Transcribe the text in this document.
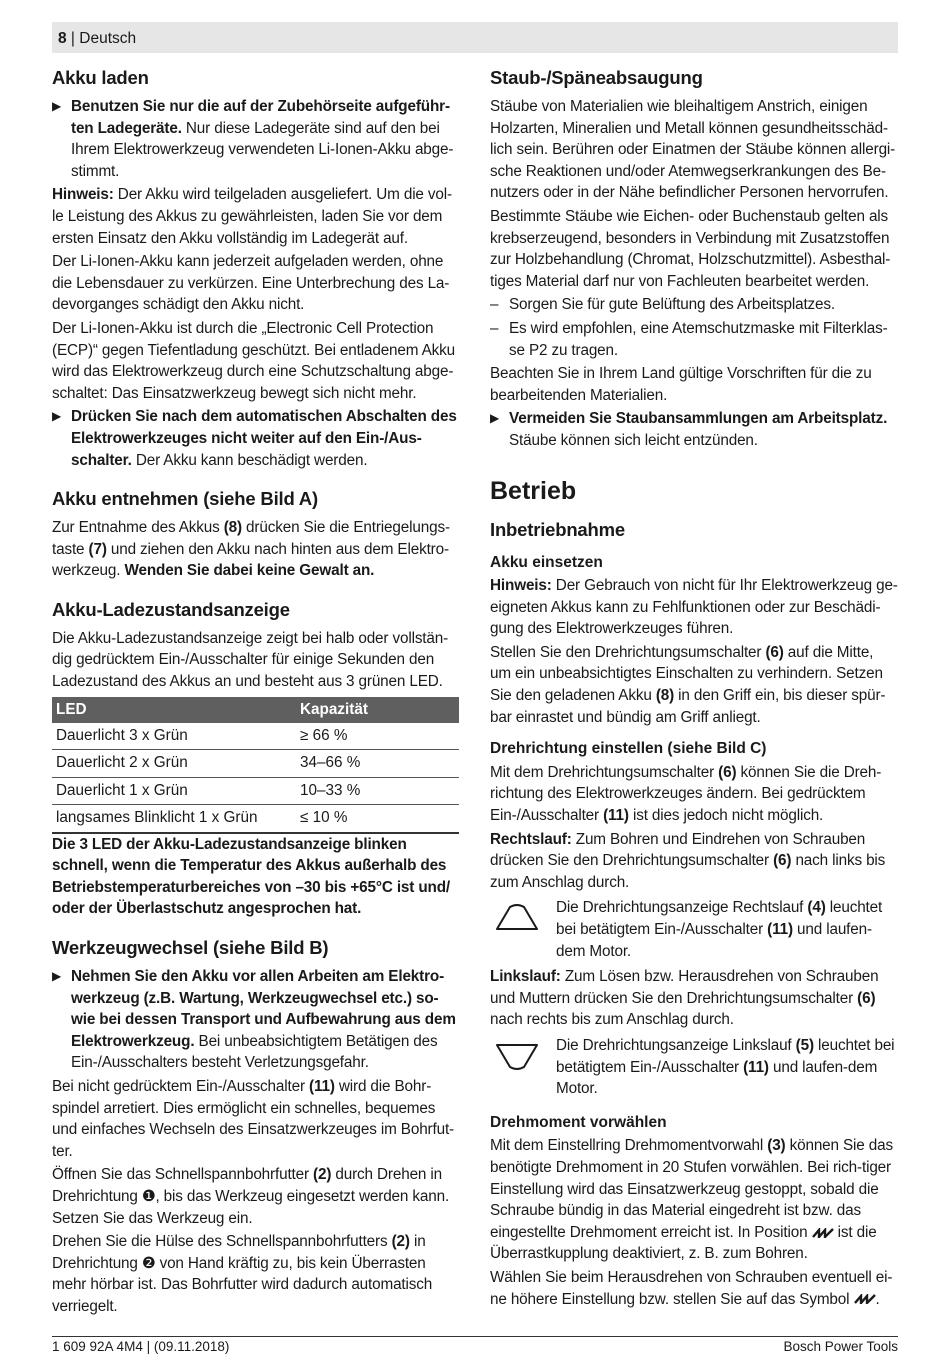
8 | Deutsch
Akku laden

▶ Benutzen Sie nur die auf der Zubehörseite aufgeführ-ten Ladegeräte. Nur diese Ladegeräte sind auf den bei Ihrem Elektrowerkzeug verwendeten Li-Ionen-Akku abge-stimmt.

Hinweis: Der Akku wird teilgeladen ausgeliefert. Um die vol-le Leistung des Akkus zu gewährleisten, laden Sie vor dem ersten Einsatz den Akku vollständig im Ladegerät auf.

Der Li-Ionen-Akku kann jederzeit aufgeladen werden, ohne die Lebensdauer zu verkürzen. Eine Unterbrechung des La-devorganges schädigt den Akku nicht.

Der Li-Ionen-Akku ist durch die „Electronic Cell Protection (ECP)“ gegen Tiefentladung geschützt. Bei entladenem Akku wird das Elektrowerkzeug durch eine Schutzschaltung abge-schaltet: Das Einsatzwerkzeug bewegt sich nicht mehr.

▶ Drücken Sie nach dem automatischen Abschalten des Elektrowerkzeuges nicht weiter auf den Ein-/Aus-schalter. Der Akku kann beschädigt werden.

Akku entnehmen (siehe Bild A)

Zur Entnahme des Akkus (8) drücken Sie die Entriegelungs-taste (7) und ziehen den Akku nach hinten aus dem Elektro-werkzeug. Wenden Sie dabei keine Gewalt an.

Akku-Ladezustandsanzeige

Die Akku-Ladezustandsanzeige zeigt bei halb oder vollstän-dig gedrücktem Ein-/Ausschalter für einige Sekunden den Ladezustand des Akkus an und besteht aus 3 grünen LED.

LED	Kapazität
Dauerlicht 3 x Grün	≥ 66 %
Dauerlicht 2 x Grün	34–66 %
Dauerlicht 1 x Grün	10–33 %
langsames Blinklicht 1 x Grün	≤ 10 %

Die 3 LED der Akku-Ladezustandsanzeige blinken schnell, wenn die Temperatur des Akkus außerhalb des Betriebstemperaturbereiches von –30 bis +65°C ist und/ oder der Überlastschutz angesprochen hat.

Werkzeugwechsel (siehe Bild B)

▶ Nehmen Sie den Akku vor allen Arbeiten am Elektro-werkzeug (z.B. Wartung, Werkzeugwechsel etc.) so-wie bei dessen Transport und Aufbewahrung aus dem Elektrowerkzeug. Bei unbeabsichtigtem Betätigen des Ein-/Ausschalters besteht Verletzungsgefahr.

Bei nicht gedrücktem Ein-/Ausschalter (11) wird die Bohr-spindel arretiert. Dies ermöglicht ein schnelles, bequemes und einfaches Wechseln des Einsatzwerkzeuges im Bohrfut-ter.

Öffnen Sie das Schnellspannbohrfutter (2) durch Drehen in Drehrichtung ❶, bis das Werkzeug eingesetzt werden kann. Setzen Sie das Werkzeug ein.

Drehen Sie die Hülse des Schnellspannbohrfutters (2) in Drehrichtung ❷ von Hand kräftig zu, bis kein Überrasten mehr hörbar ist. Das Bohrfutter wird dadurch automatisch verriegelt.

Staub-/Späneabsaugung

Stäube von Materialien wie bleihaltigem Anstrich, einigen Holzarten, Mineralien und Metall können gesundheitsschäd-lich sein. Berühren oder Einatmen der Stäube können allergi-sche Reaktionen und/oder Atemwegserkrankungen des Be-nutzers oder in der Nähe befindlicher Personen hervorrufen.

Bestimmte Stäube wie Eichen- oder Buchenstaub gelten als krebserzeugend, besonders in Verbindung mit Zusatzstoffen zur Holzbehandlung (Chromat, Holzschutzmittel). Asbesthal-tiges Material darf nur von Fachleuten bearbeitet werden.

– Sorgen Sie für gute Belüftung des Arbeitsplatzes.

– Es wird empfohlen, eine Atemschutzmaske mit Filterklas-se P2 zu tragen.

Beachten Sie in Ihrem Land gültige Vorschriften für die zu bearbeitenden Materialien.

▶ Vermeiden Sie Staubansammlungen am Arbeitsplatz.
Stäube können sich leicht entzünden.

Betrieb
Inbetriebnahme
Akku einsetzen

Hinweis: Der Gebrauch von nicht für Ihr Elektrowerkzeug ge-eigneten Akkus kann zu Fehlfunktionen oder zur Beschädi-gung des Elektrowerkzeuges führen.

Stellen Sie den Drehrichtungsumschalter (6) auf die Mitte, um ein unbeabsichtigtes Einschalten zu verhindern. Setzen Sie den geladenen Akku (8) in den Griff ein, bis dieser spür-bar einrastet und bündig am Griff anliegt.

Drehrichtung einstellen (siehe Bild C)

Mit dem Drehrichtungsumschalter (6) können Sie die Dreh-richtung des Elektrowerkzeuges ändern. Bei gedrücktem Ein-/Ausschalter (11) ist dies jedoch nicht möglich.

Rechtslauf: Zum Bohren und Eindrehen von Schrauben drücken Sie den Drehrichtungsumschalter (6) nach links bis zum Anschlag durch.

Die Drehrichtungsanzeige Rechtslauf (4) leuchtet bei betätigtem Ein-/Ausschalter (11) und laufen-dem Motor.

Linkslauf: Zum Lösen bzw. Herausdrehen von Schrauben und Muttern drücken Sie den Drehrichtungsumschalter (6) nach rechts bis zum Anschlag durch.

Die Drehrichtungsanzeige Linkslauf (5) leuchtet bei betätigtem Ein-/Ausschalter (11) und laufen-dem Motor.

Drehmoment vorwählen

Mit dem Einstellring Drehmomentvorwahl (3) können Sie das benötigte Drehmoment in 20 Stufen vorwählen. Bei rich-tiger Einstellung wird das Einsatzwerkzeug gestoppt, sobald die Schraube bündig in das Material eingedreht ist bzw. das eingestellte Drehmoment erreicht ist. In Position  ist die Überrastkupplung deaktiviert, z. B. zum Bohren.

Wählen Sie beim Herausdrehen von Schrauben eventuell ei-ne höhere Einstellung bzw. stellen Sie auf das Symbol .

1 609 92A 4M4 | (09.11.2018)	Bosch Power Tools
